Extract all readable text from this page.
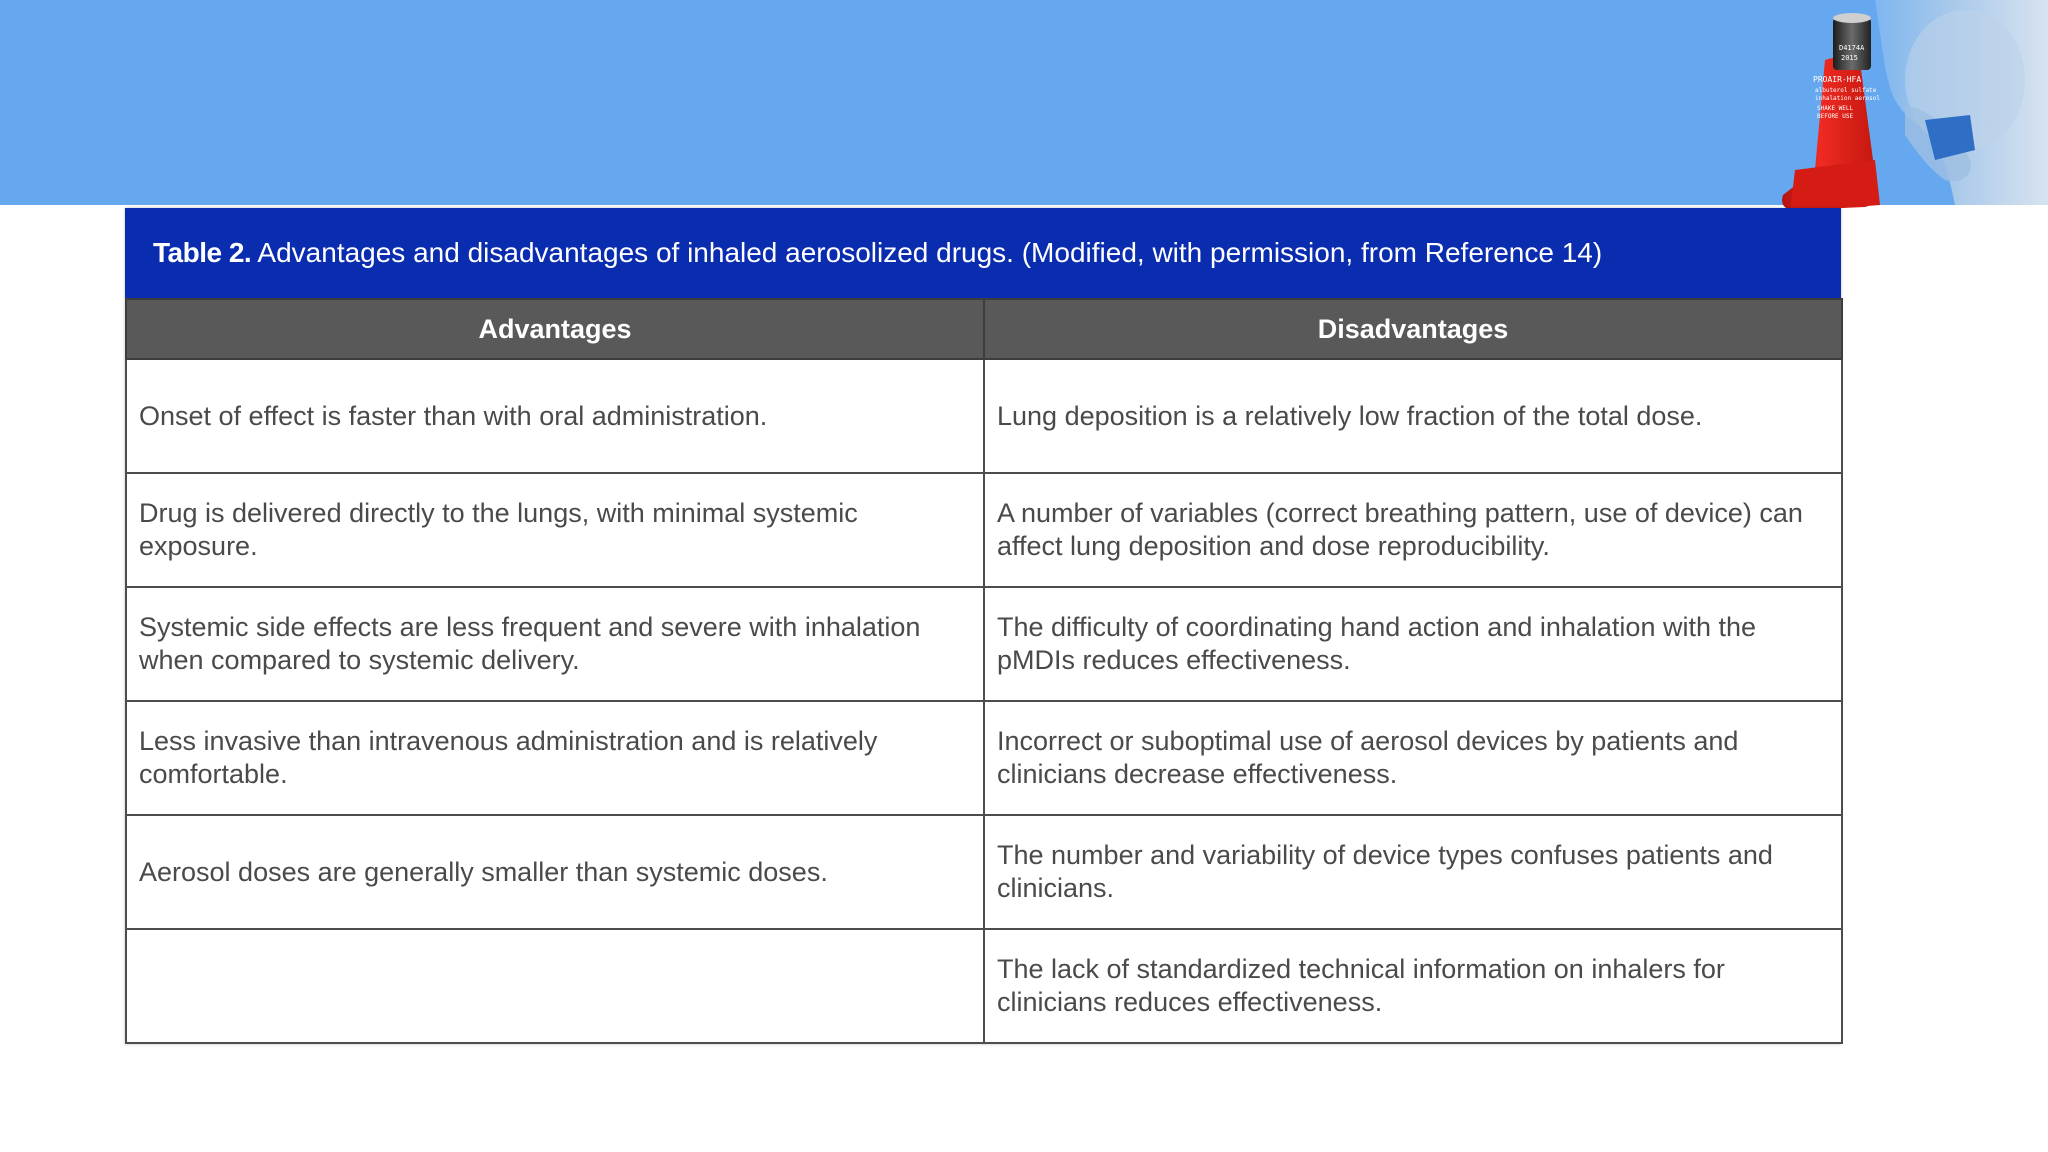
PROAIR-HFA
albuterol sulfate
inhalation aerosol
SHAKE WELL
BEFORE USE
D4174A
2015
Table 2. Advantages and disadvantages of inhaled aerosolized drugs. (Modified, with permission, from Reference 14)
Advantages	Disadvantages
Onset of effect is faster than with oral administration.	Lung deposition is a relatively low fraction of the total dose.
Drug is delivered directly to the lungs, with minimal systemic exposure.	A number of variables (correct breathing pattern, use of device) can affect lung deposition and dose reproducibility.
Systemic side effects are less frequent and severe with inhalation when compared to systemic delivery.	The difficulty of coordinating hand action and inhalation with the pMDIs reduces effectiveness.
Less invasive than intravenous administration and is relatively comfortable.	Incorrect or suboptimal use of aerosol devices by patients and clinicians decrease effectiveness.
Aerosol doses are generally smaller than systemic doses.	The number and variability of device types confuses patients and clinicians.
	The lack of standardized technical information on inhalers for clinicians reduces effectiveness.
